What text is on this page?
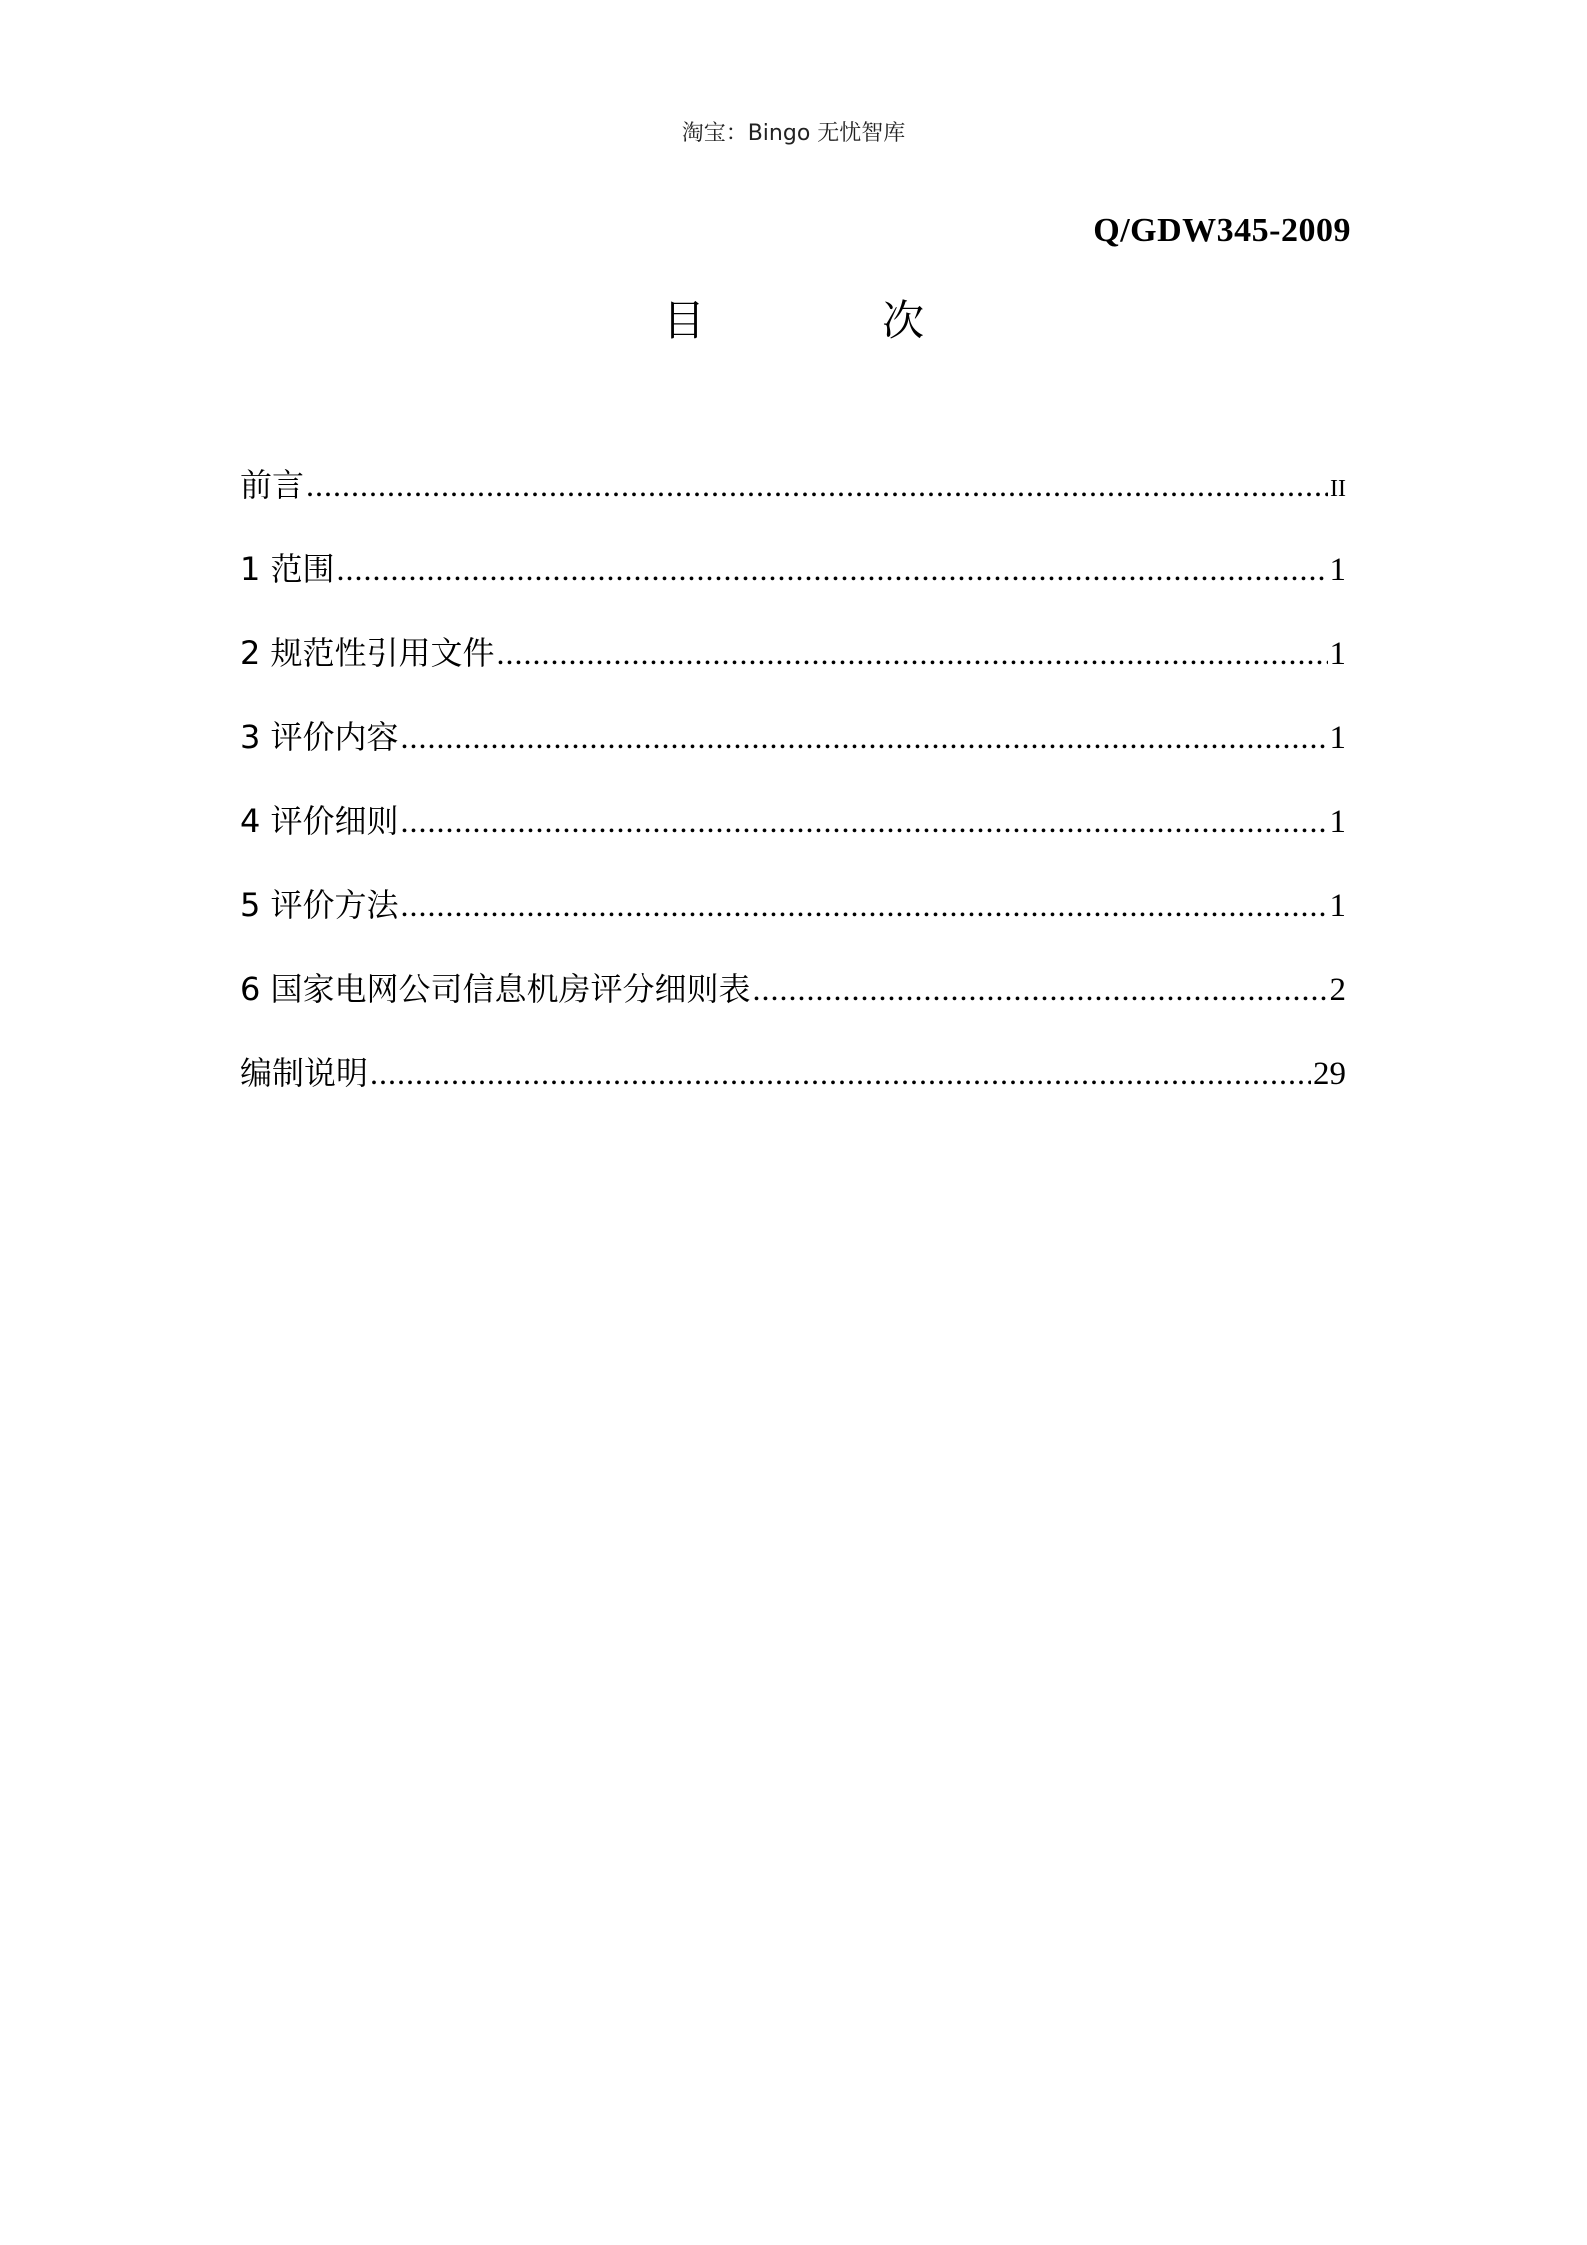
淘宝：Bingo 无忧智库
Q/GDW345-2009
目 次
前言 .....	II
1 范围 .....	1
2 规范性引用文件 .....	1
3 评价内容 .....	1
4 评价细则 .....	1
5 评价方法 .....	1
6 国家电网公司信息机房评分细则表 .....	2
编制说明 .....	29
